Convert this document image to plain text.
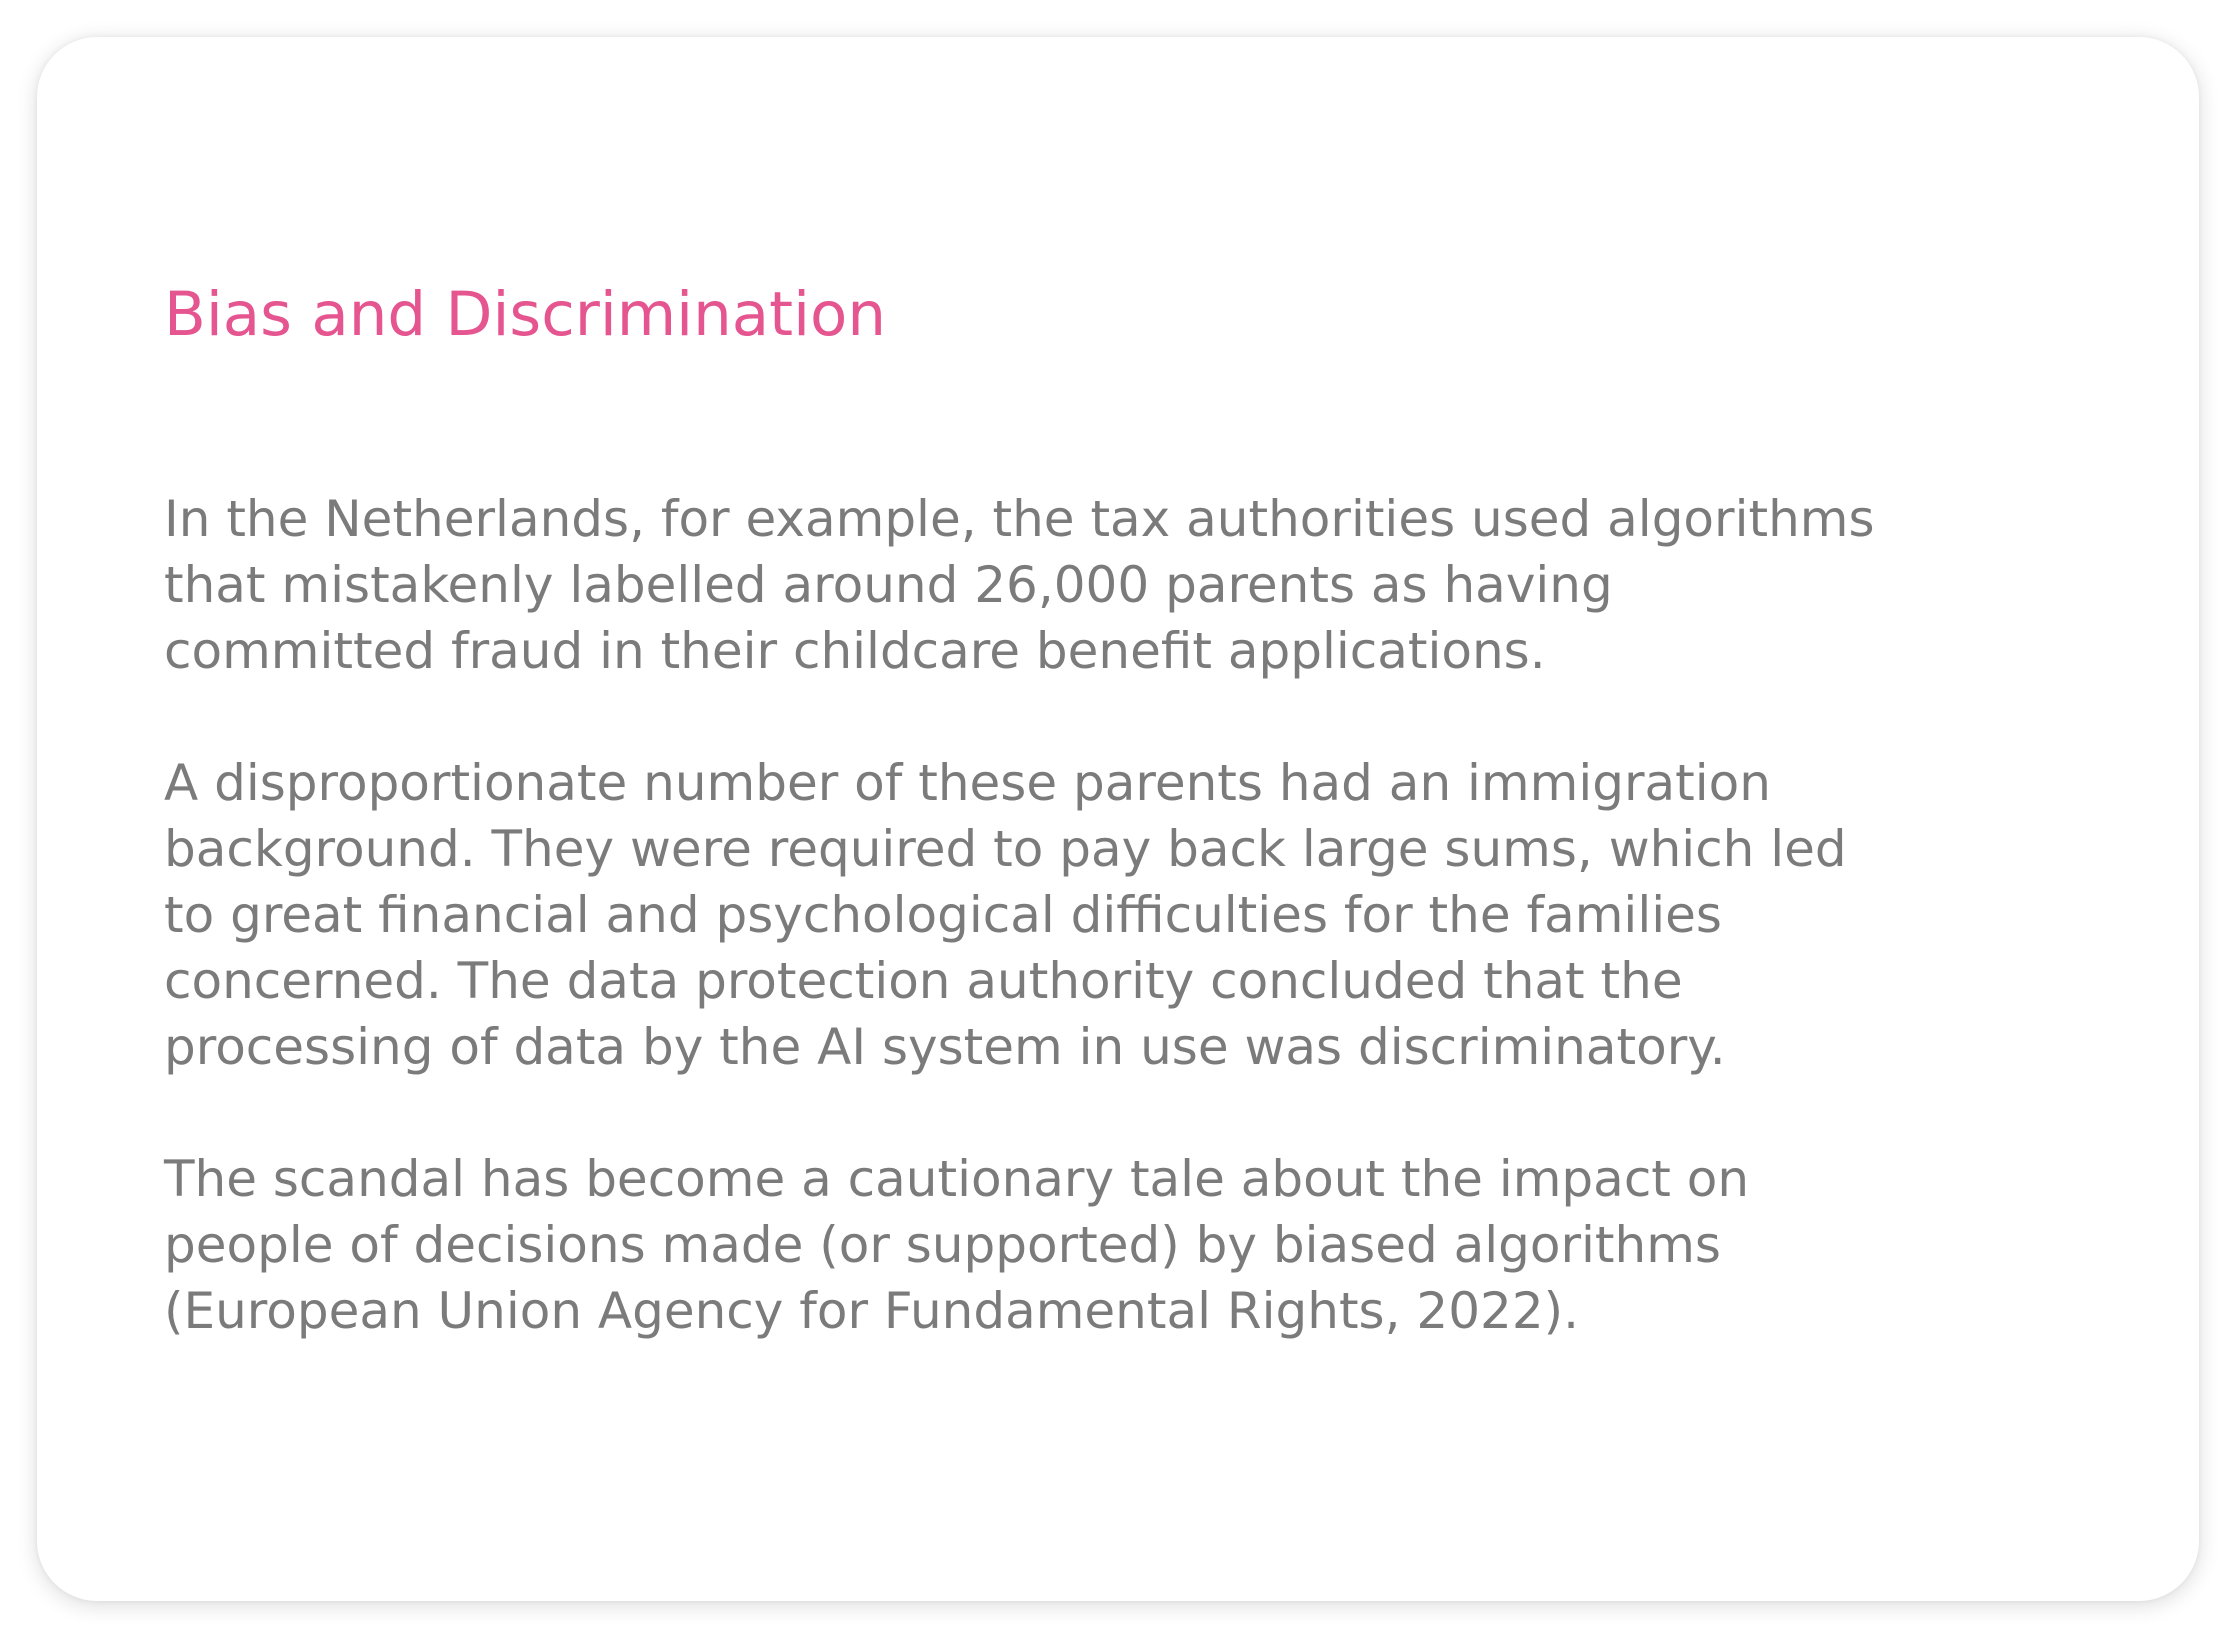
Bias and Discrimination

In the Netherlands, for example, the tax authorities used algorithms
that mistakenly labelled around 26,000 parents as having
committed fraud in their childcare benefit applications.

A disproportionate number of these parents had an immigration
background. They were required to pay back large sums, which led
to great financial and psychological difficulties for the families
concerned. The data protection authority concluded that the
processing of data by the AI system in use was discriminatory.

The scandal has become a cautionary tale about the impact on
people of decisions made (or supported) by biased algorithms
(European Union Agency for Fundamental Rights, 2022).
